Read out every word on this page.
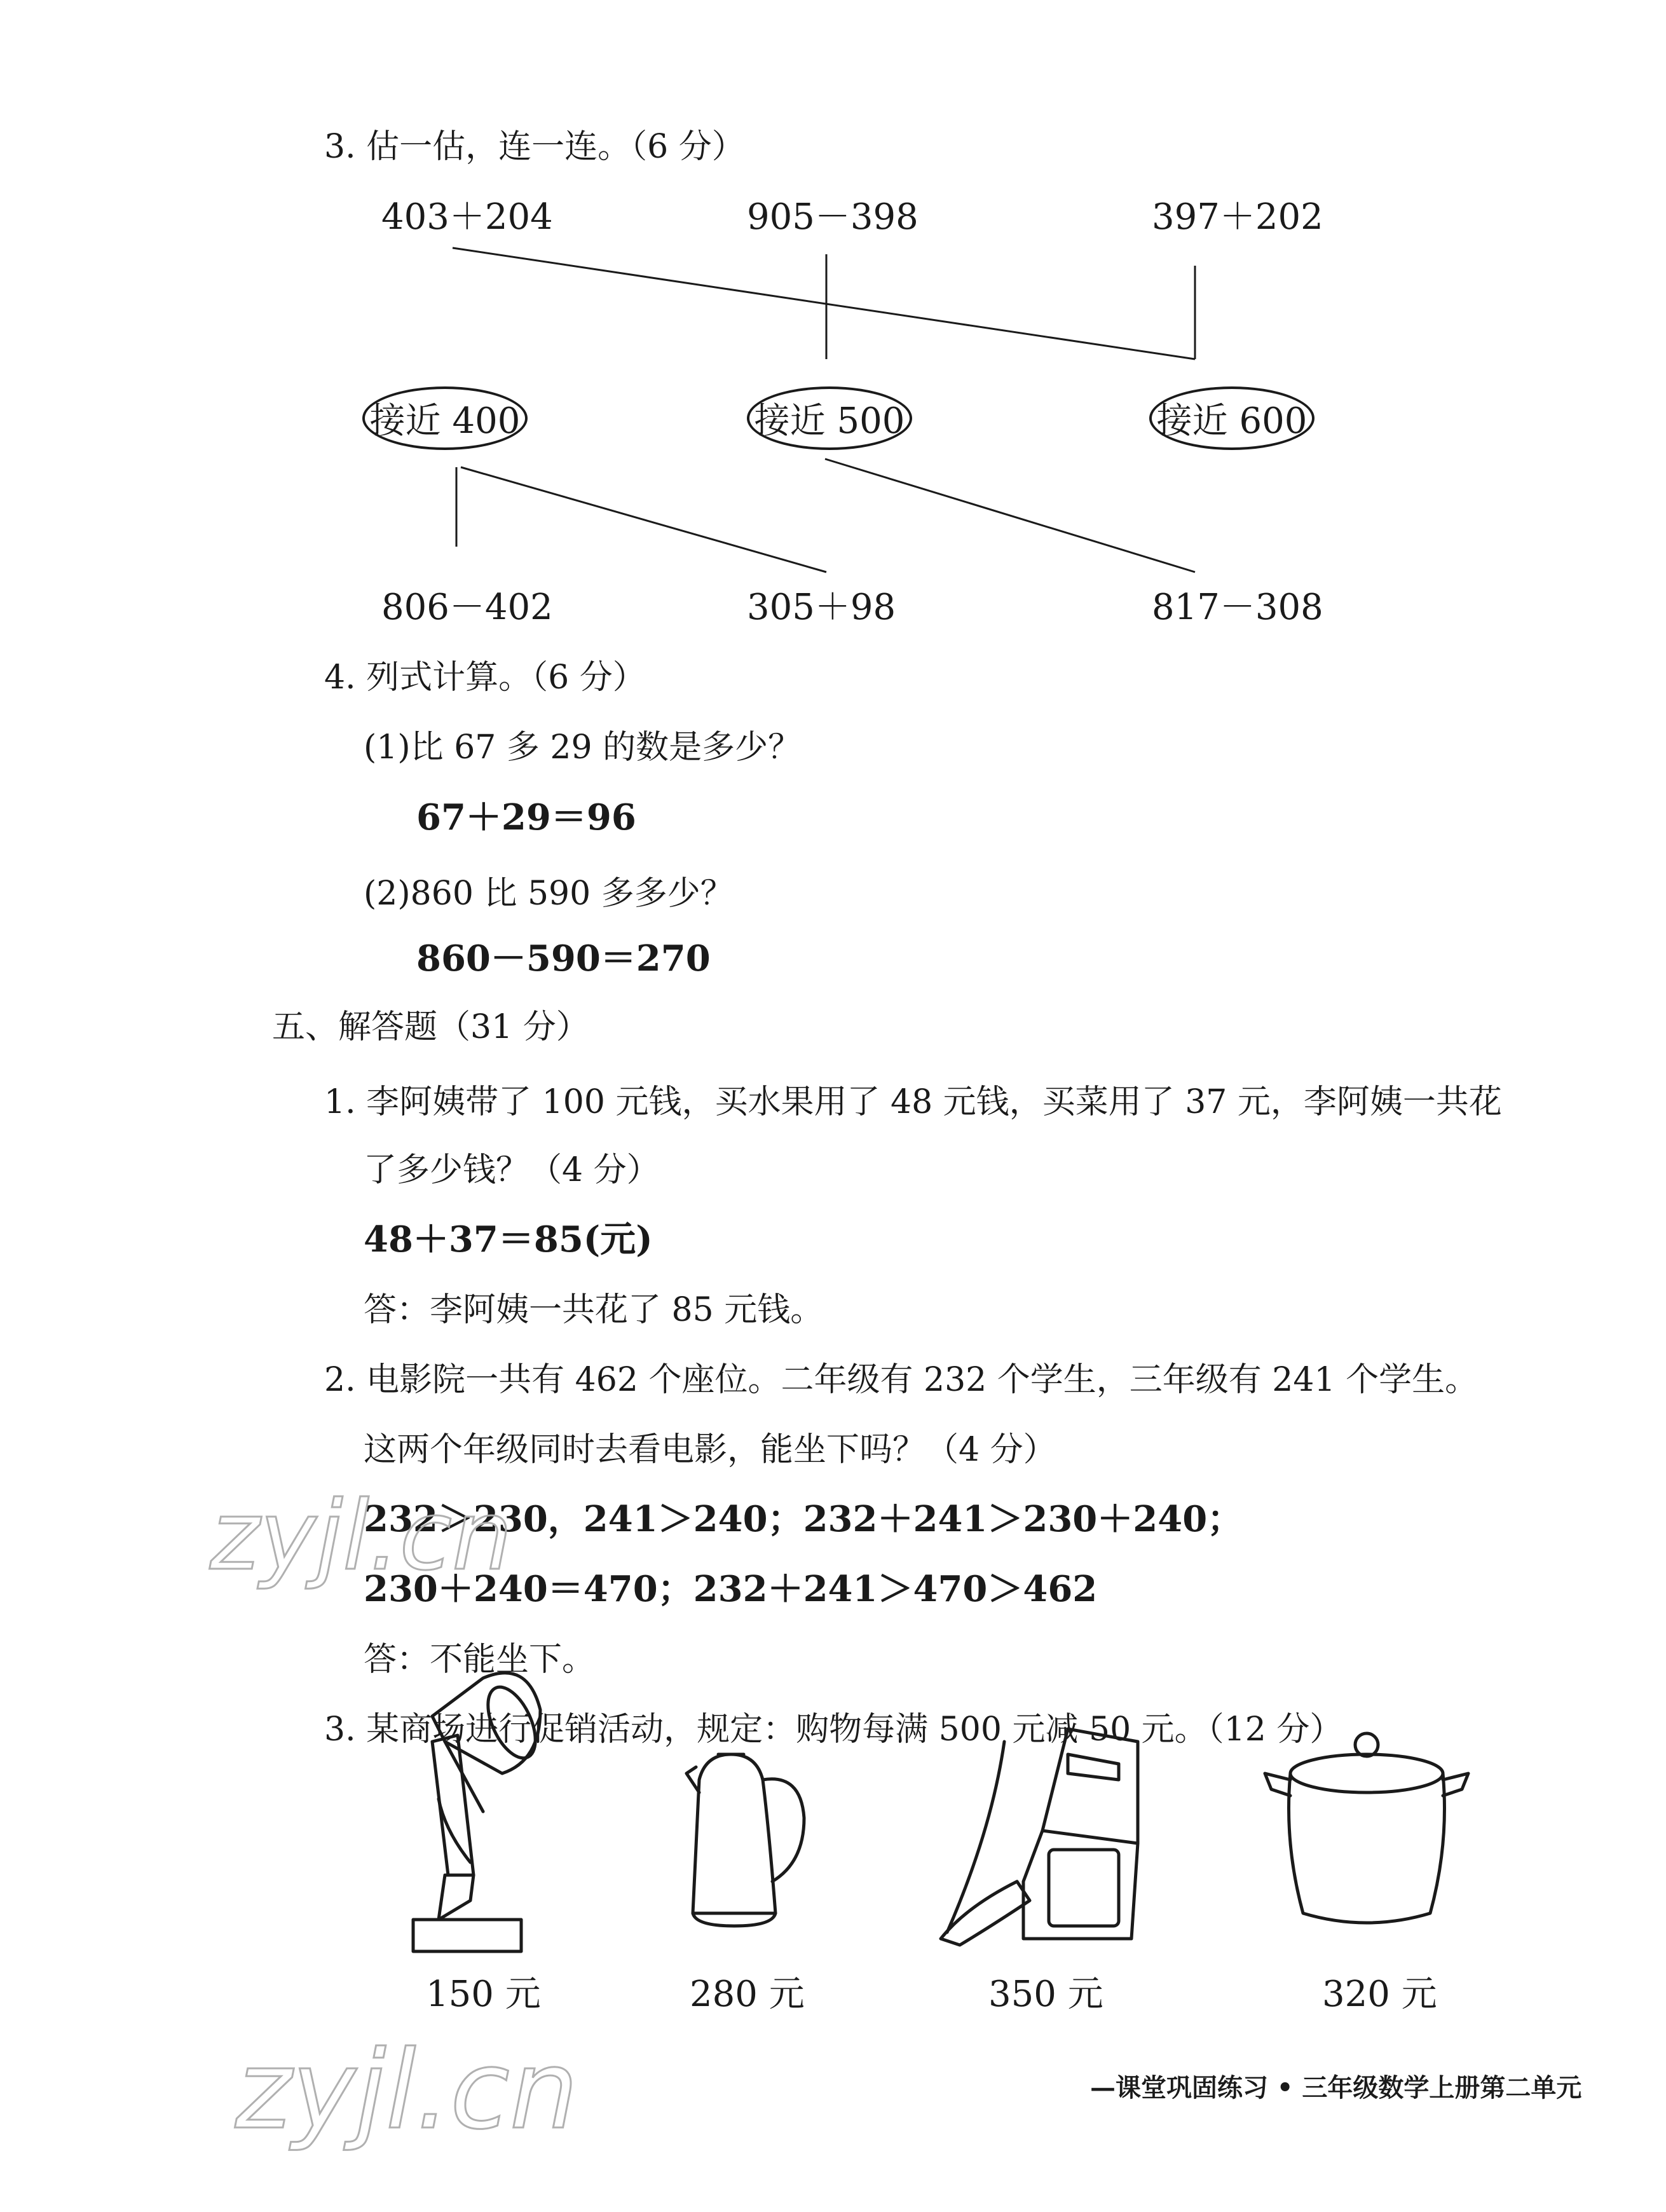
3. 估一估，连一连。（6 分）
403＋204	905－398	397＋202
接近 400	接近 500	接近 600
806－402	305＋98	817－308
4. 列式计算。（6 分）
(1)比 67 多 29 的数是多少？
67＋29＝96
(2)860 比 590 多多少？
860－590＝270
五、解答题（31 分）
1. 李阿姨带了 100 元钱，买水果用了 48 元钱，买菜用了 37 元，李阿姨一共花
了多少钱？（4 分）
48＋37＝85(元)
答：李阿姨一共花了 85 元钱。
2. 电影院一共有 462 个座位。二年级有 232 个学生，三年级有 241 个学生。
这两个年级同时去看电影，能坐下吗？（4 分）
232＞230，241＞240；232＋241＞230＋240；
230＋240＝470；232＋241＞470＞462
答：不能坐下。
3. 某商场进行促销活动，规定：购物每满 500 元减 50 元。（12 分）
150 元	280 元	350 元	320 元
—课堂巩固练习 • 三年级数学上册第二单元
zyjl.cn
zyjl.cn
